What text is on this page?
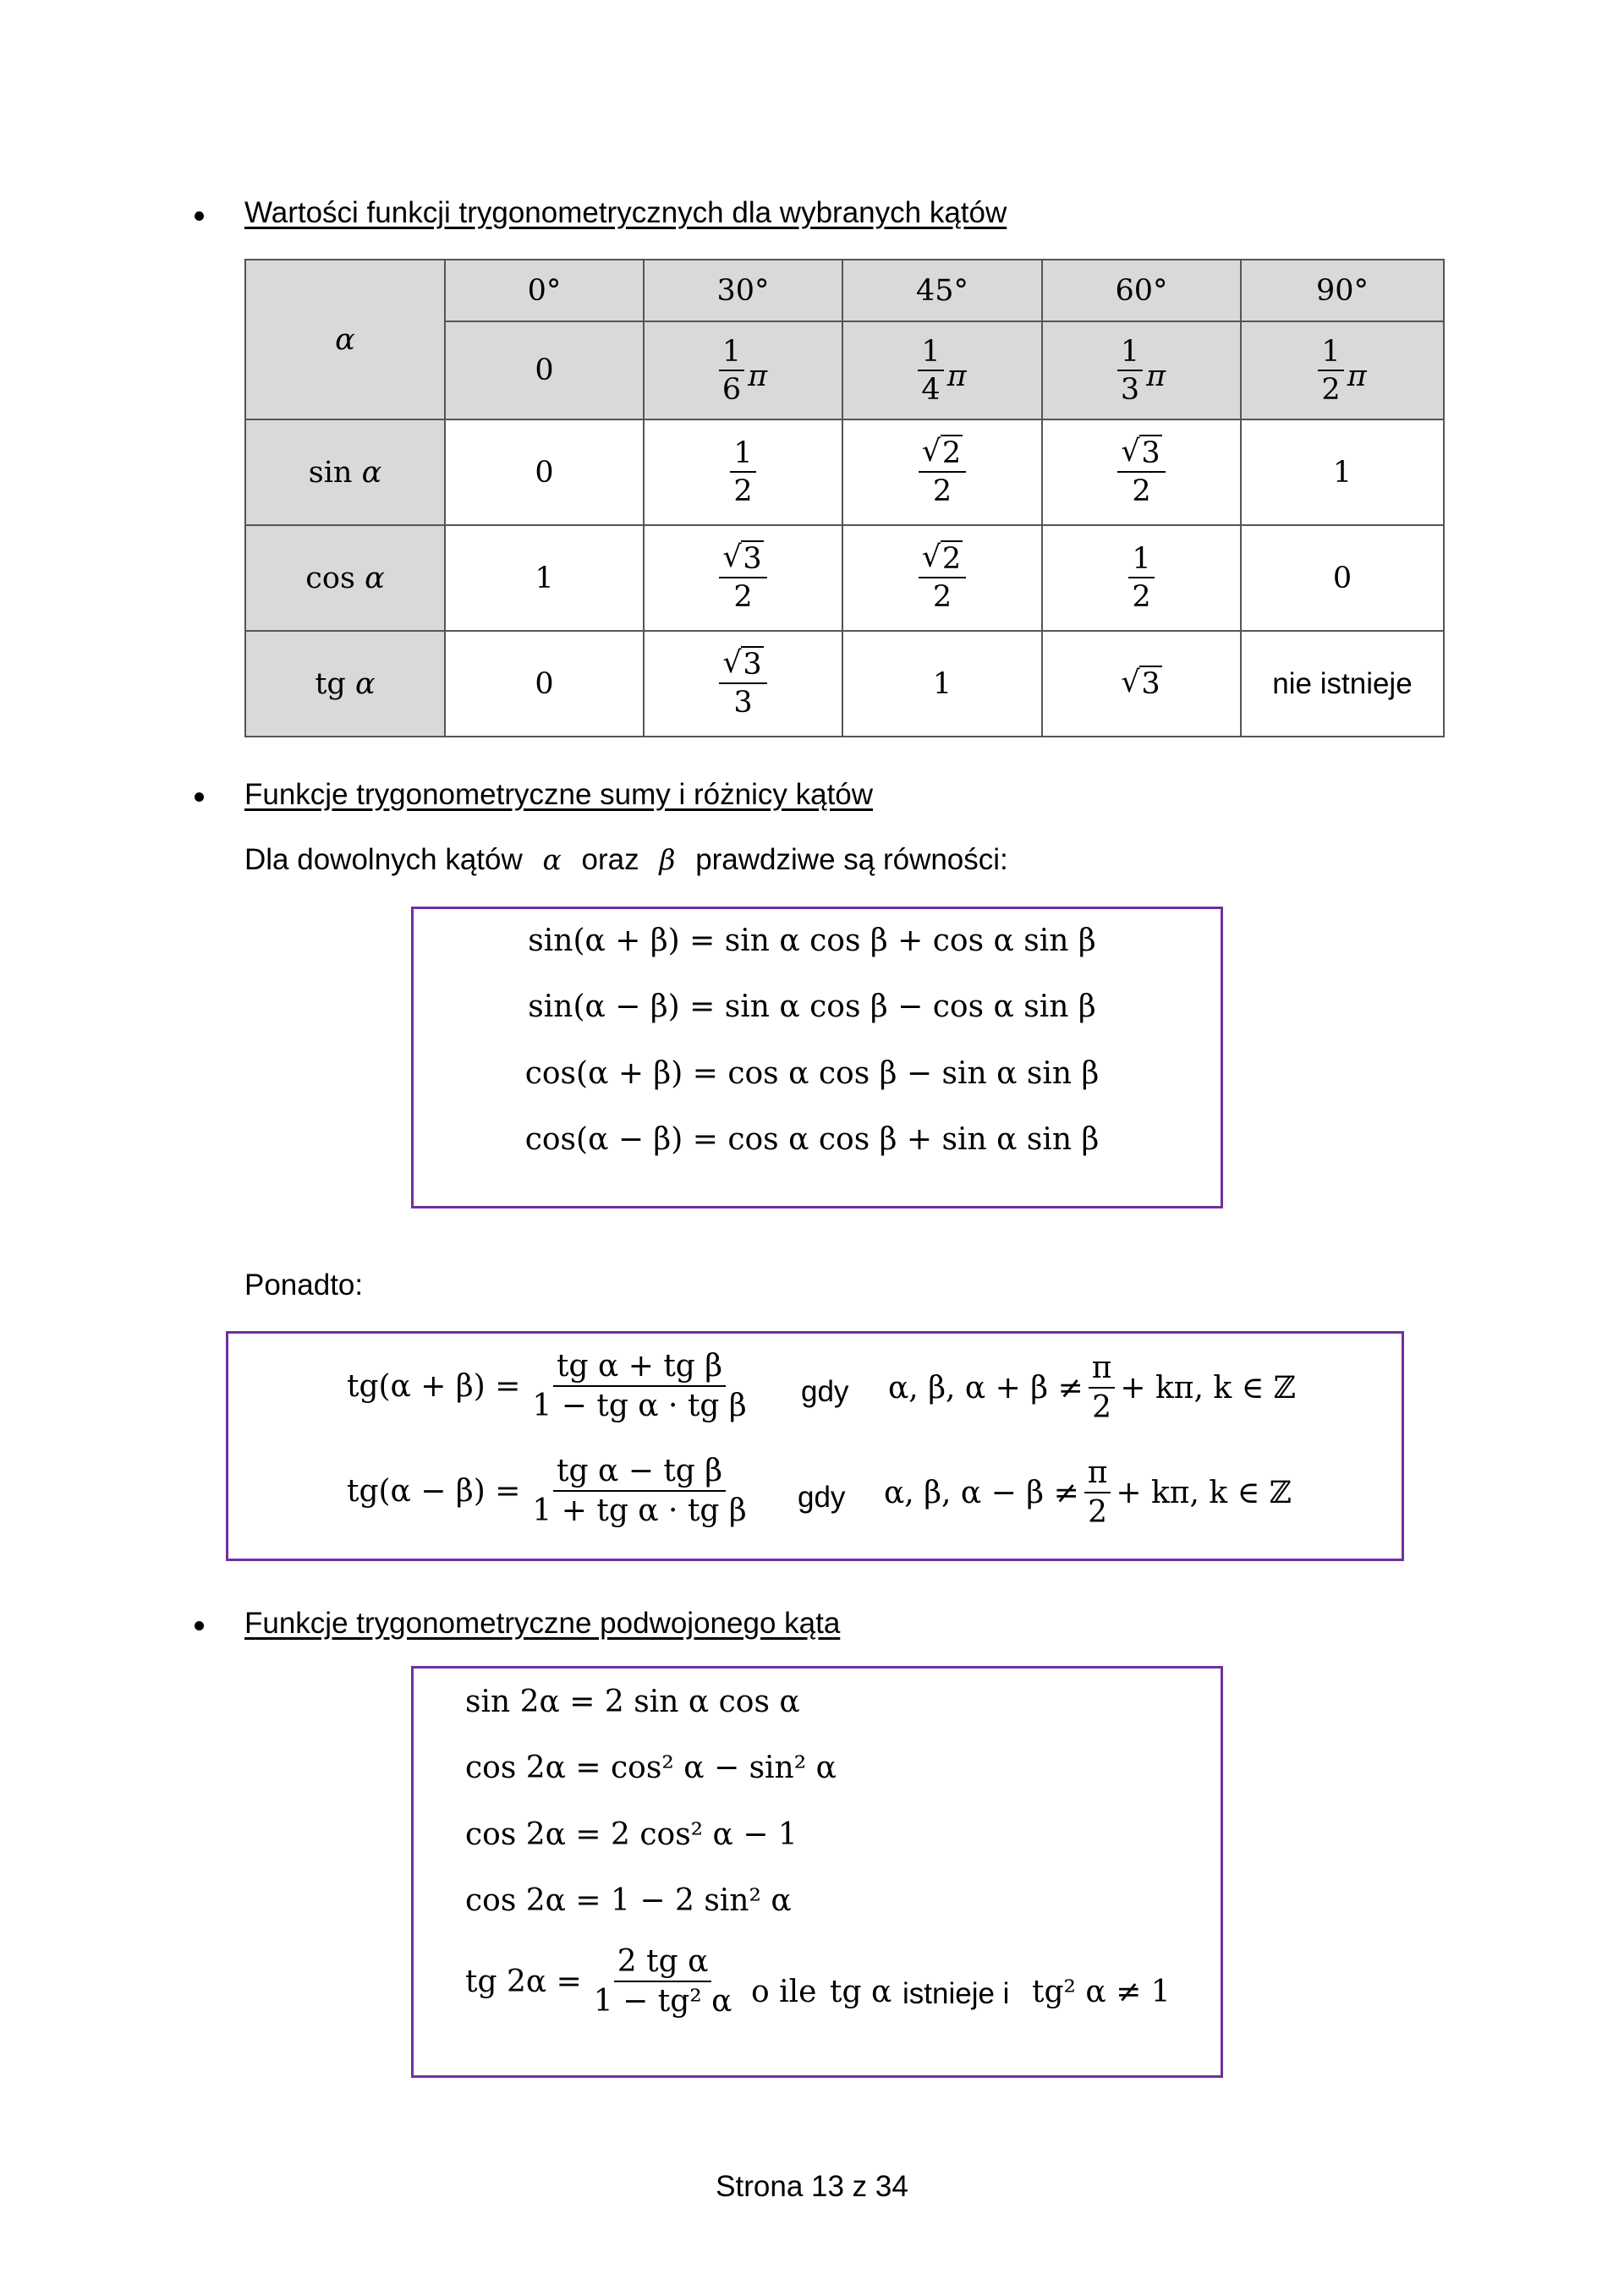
Wartości funkcji trygonometrycznych dla wybranych kątów
α	0°	30°	45°	60°	90°
	0	$\frac{1}{6}$ π	$\frac{1}{4}$ π	$\frac{1}{3}$ π	$\frac{1}{2}$ π

sin α	0	$\frac{1}{2}$	√ $\frac{2}{2}$	√ $\frac{3}{2}$	1
cos α	1	√ $\frac{3}{2}$	√ $\frac{2}{2}$	$\frac{1}{2}$	0
tg α	0	√ $\frac{3}{3}$	1	√ 3	nie istnieje
Funkcje trygonometryczne sumy i różnicy kątów
Dla dowolnych kątów α oraz β prawdziwe są równości:
sin(α + β) = sin α cos β + cos α sin β
sin(α − β) = sin α cos β − cos α sin β
cos(α + β) = cos α cos β − sin α sin β
cos(α − β) = cos α cos β + sin α sin β
Ponadto:
$tg(\alpha + \beta) = \frac{\text{tg α + tg β}}{\text{1 − tg α · tg β}}$ gdy α, β, $\alpha + \beta \ne \frac{\pi}{2} + k\pi$, k ∈ ℤ
$tg(\alpha - \beta) = \frac{\text{tg α − tg β}}{\text{1 + tg α · tg β}}$ gdy α, β, $\alpha - \beta \ne \frac{\pi}{2} + k\pi$, k ∈ ℤ
Funkcje trygonometryczne podwojonego kąta
sin 2α = 2 sin α cos α
cos 2α = cos² α − sin² α
cos 2α = 2 cos² α − 1
cos 2α = 1 − 2 sin² α
tg $2\alpha = \frac{\text{2 tg α}}{\text{1 − tg² α}}$ o ile tg α istnieje i tg² α ≠ 1
Strona 13 z 34
